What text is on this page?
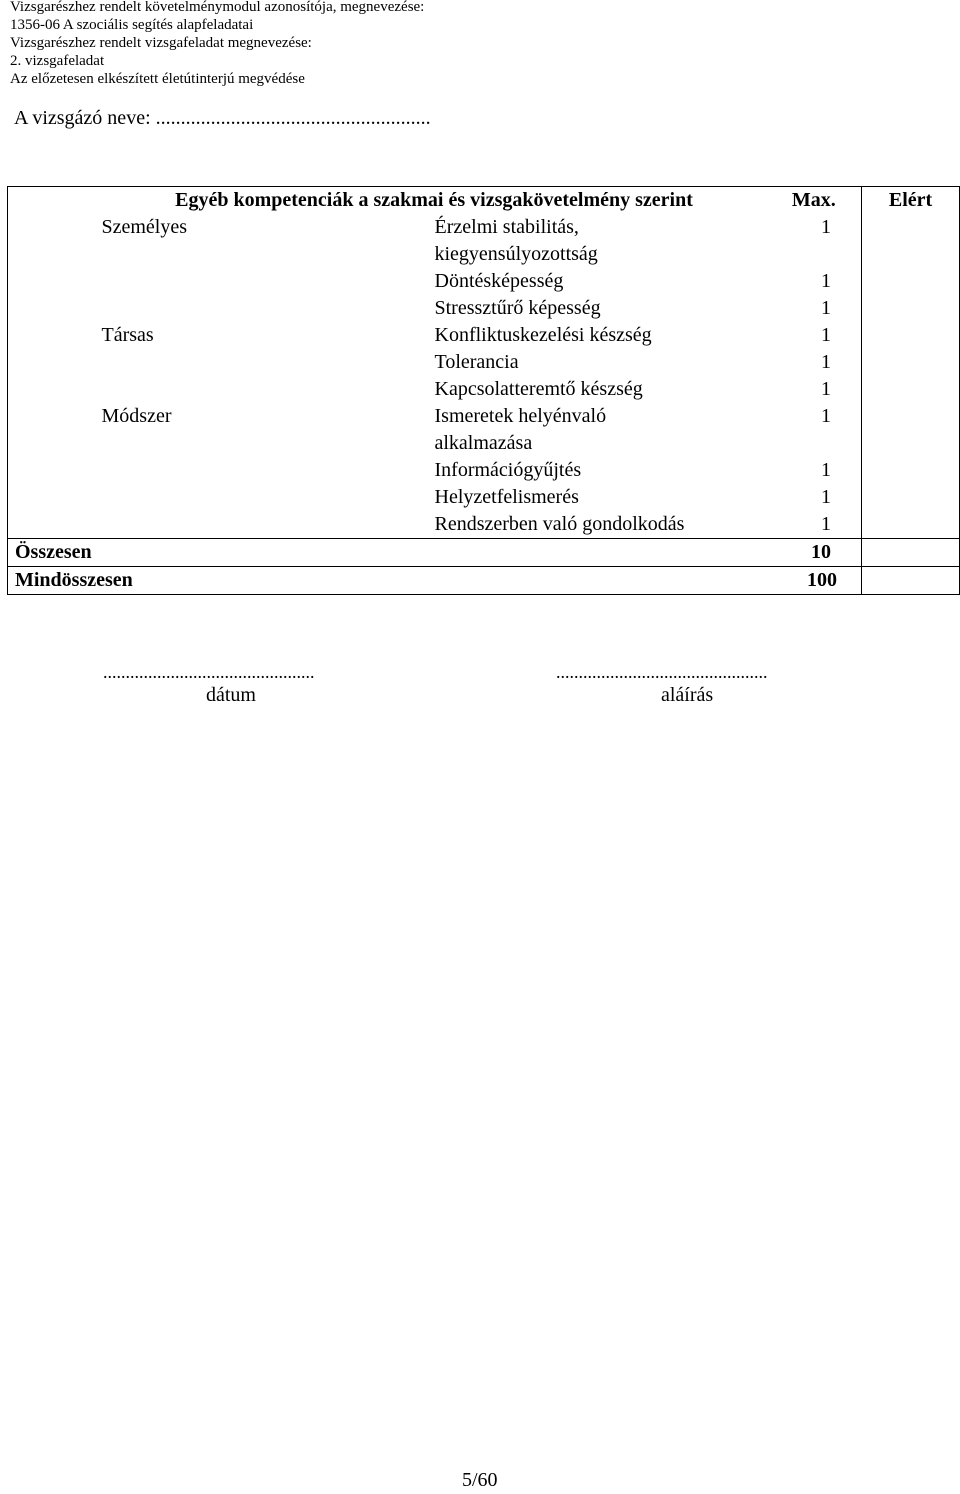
Vizsgarészhez rendelt követelménymodul azonosítója, megnevezése:
1356-06 A szociális segítés alapfeladatai
Vizsgarészhez rendelt vizsgafeladat megnevezése:
2. vizsgafeladat
Az előzetesen elkészített életútinterjú megvédése
A vizsgázó neve: .......................................................
	Egyéb kompetenciák a szakmai és vizsgakövetelmény szerint		Max.	Elért
	Személyes	Érzelmi stabilitás,
kiegyensúlyozottság	1	
		Döntésképesség	1	
		Stressztűrő képesség	1	
	Társas	Konfliktuskezelési készség	1	
		Tolerancia	1	
		Kapcsolatteremtő készség	1	
	Módszer	Ismeretek helyénvaló
alkalmazása	1	
		Információgyűjtés	1	
		Helyzetfelismerés	1	
		Rendszerben való gondolkodás	1	
Összesen			10	
Mindösszesen			100	
...............................................
dátum
...............................................
aláírás
5/60
